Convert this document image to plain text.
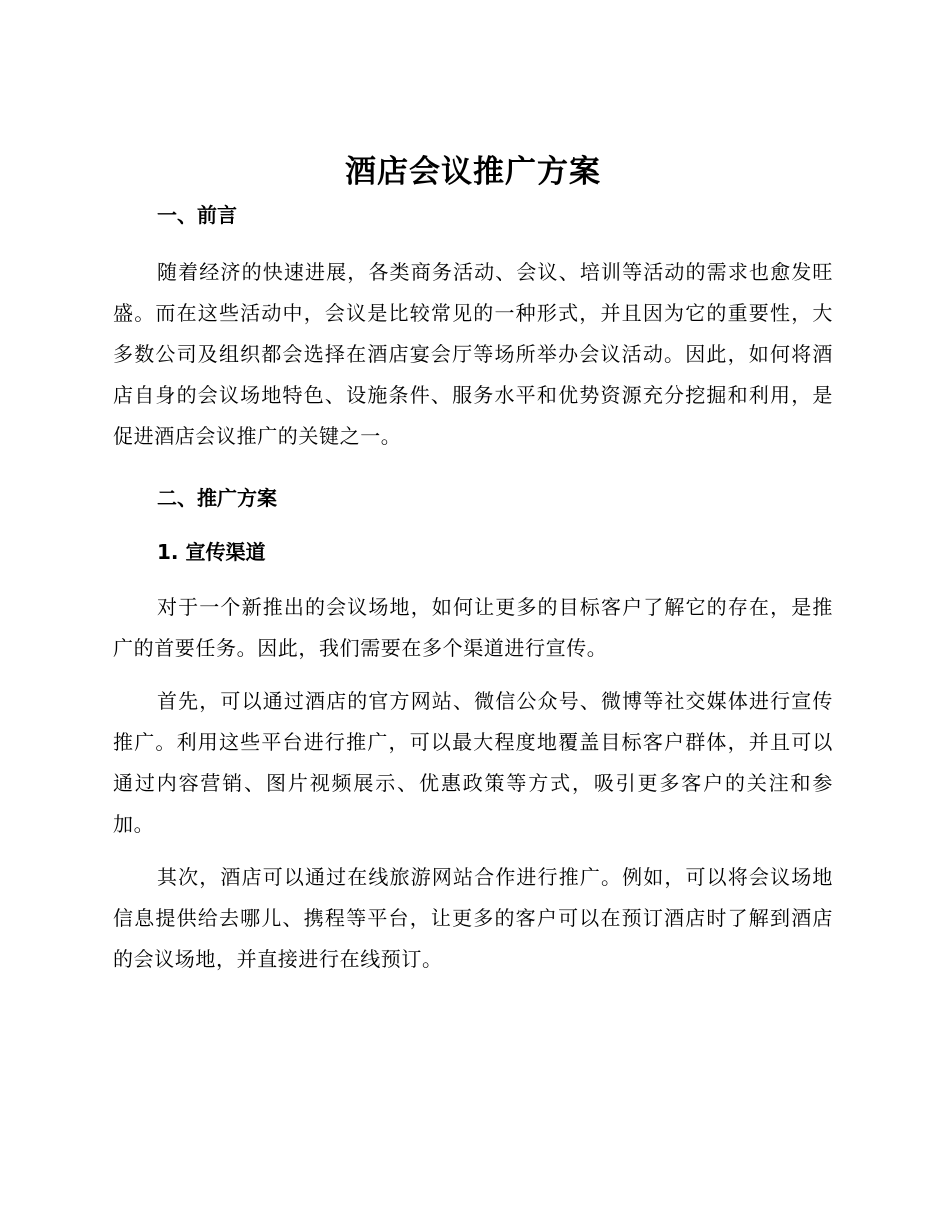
酒店会议推广方案
一、前言

随着经济的快速进展，各类商务活动、会议、培训等活动的需求也愈发旺盛。而在这些活动中，会议是比较常见的一种形式，并且因为它的重要性，大多数公司及组织都会选择在酒店宴会厅等场所举办会议活动。因此，如何将酒店自身的会议场地特色、设施条件、服务水平和优势资源充分挖掘和利用，是促进酒店会议推广的关键之一。

二、推广方案
1. 宣传渠道

对于一个新推出的会议场地，如何让更多的目标客户了解它的存在，是推广的首要任务。因此，我们需要在多个渠道进行宣传。

首先，可以通过酒店的官方网站、微信公众号、微博等社交媒体进行宣传推广。利用这些平台进行推广，可以最大程度地覆盖目标客户群体，并且可以通过内容营销、图片视频展示、优惠政策等方式，吸引更多客户的关注和参加。

其次，酒店可以通过在线旅游网站合作进行推广。例如，可以将会议场地信息提供给去哪儿、携程等平台，让更多的客户可以在预订酒店时了解到酒店的会议场地，并直接进行在线预订。
